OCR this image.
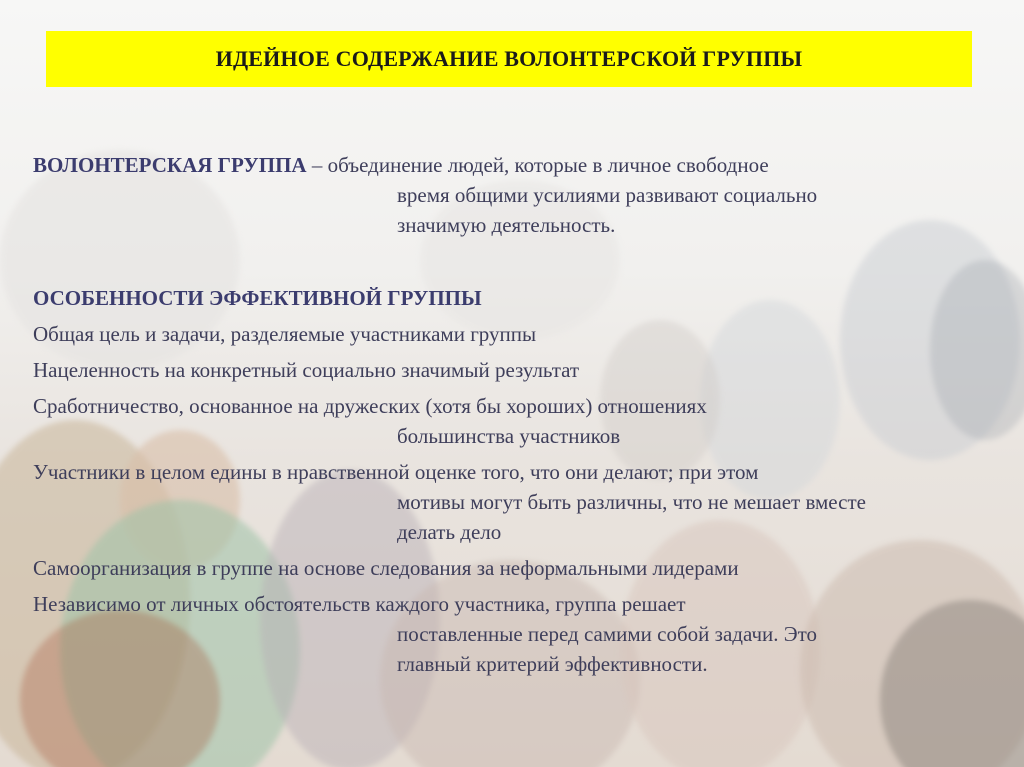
ИДЕЙНОЕ СОДЕРЖАНИЕ ВОЛОНТЕРСКОЙ ГРУППЫ
ВОЛОНТЕРСКАЯ ГРУППА – объединение людей, которые в личное свободное
время общими усилиями развивают социально
значимую деятельность.
ОСОБЕННОСТИ ЭФФЕКТИВНОЙ ГРУППЫ
Общая цель и задачи, разделяемые участниками группы
Нацеленность на конкретный социально значимый результат
Сработничество, основанное на дружеских (хотя бы хороших) отношениях
большинства участников
Участники в целом едины в нравственной оценке того, что они делают; при этом
мотивы могут быть различны, что не мешает вместе
делать дело
Самоорганизация в группе на основе следования за неформальными лидерами
Независимо от личных обстоятельств каждого участника, группа решает
поставленные перед самими собой задачи. Это
главный критерий эффективности.
